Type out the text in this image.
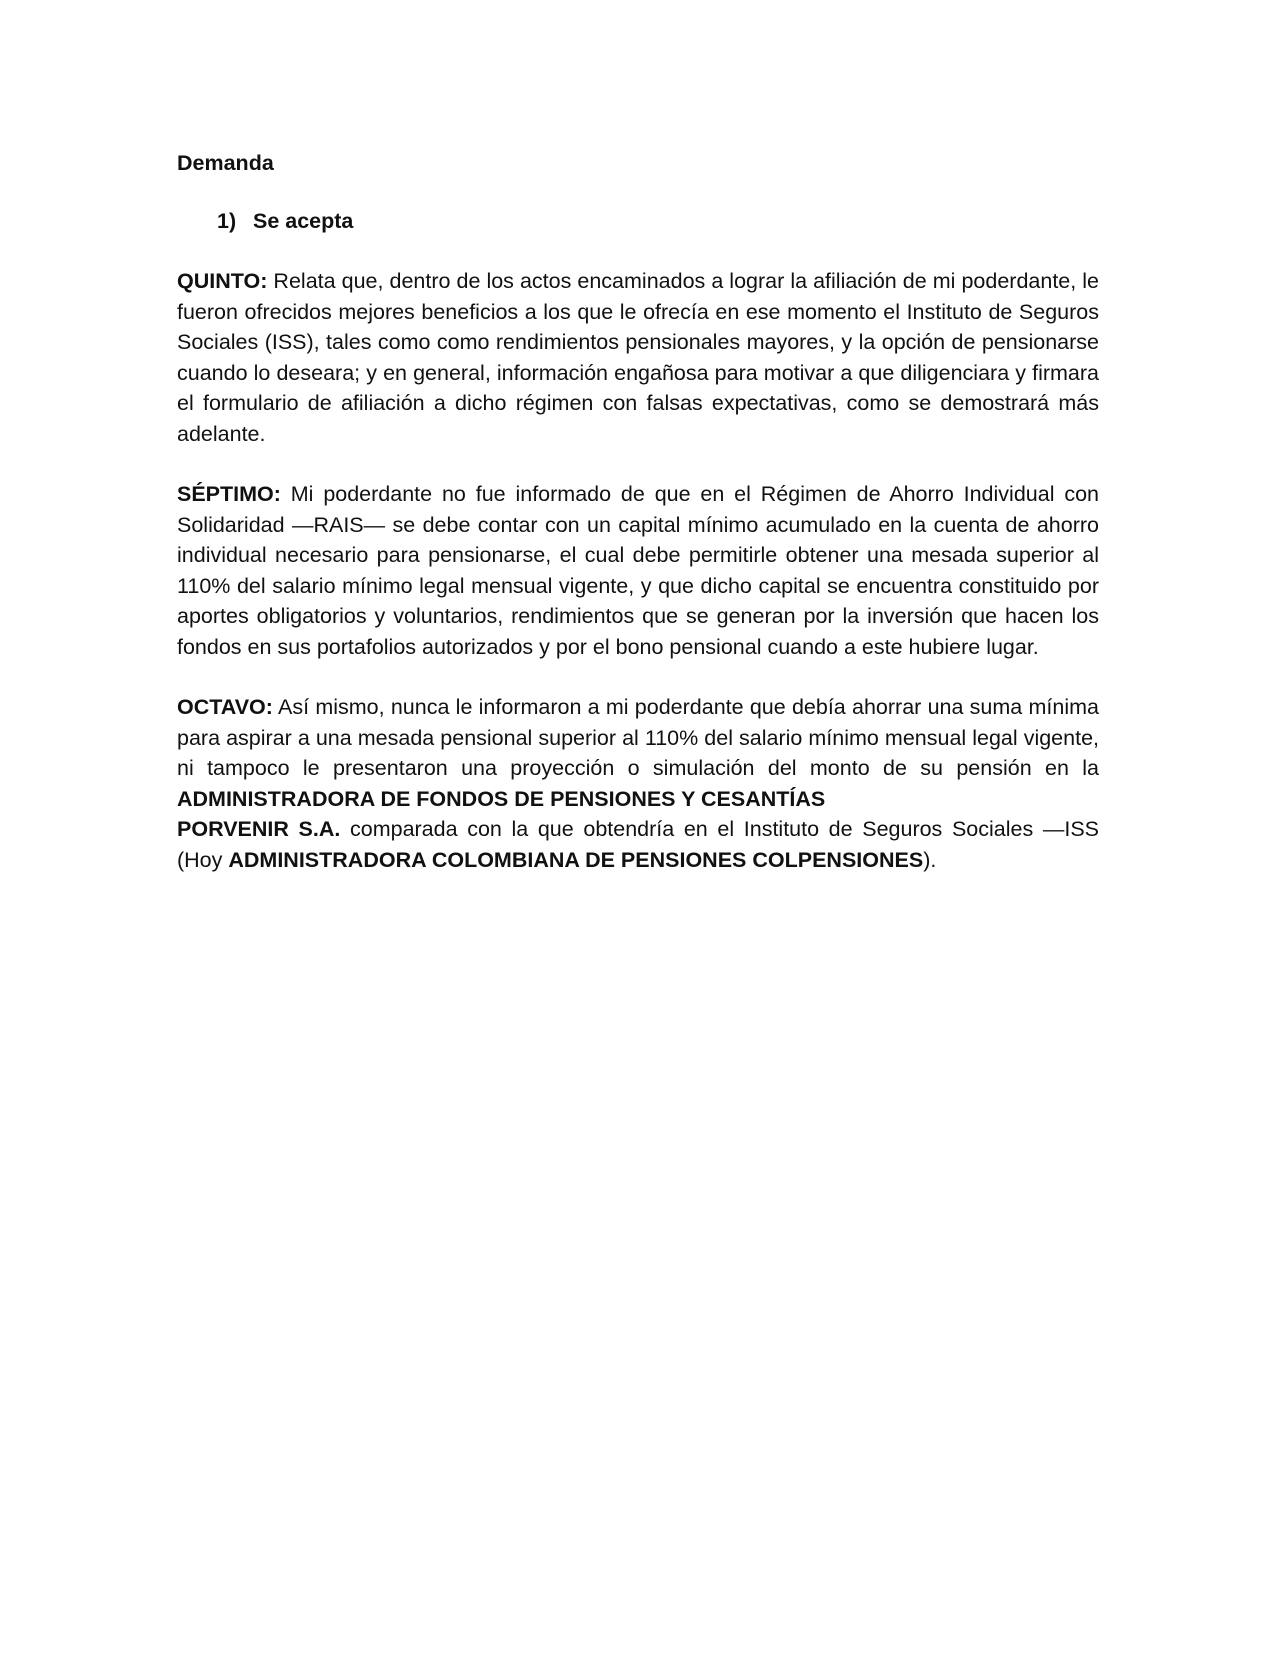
Demanda

1) Se acepta

QUINTO: Relata que, dentro de los actos encaminados a lograr la afiliación de mi poderdante, le fueron ofrecidos mejores beneficios a los que le ofrecía en ese momento el Instituto de Seguros Sociales (ISS), tales como como rendimientos pensionales mayores, y la opción de pensionarse cuando lo deseara; y en general, información engañosa para motivar a que diligenciara y firmara el formulario de afiliación a dicho régimen con falsas expectativas, como se demostrará más adelante.

SÉPTIMO: Mi poderdante no fue informado de que en el Régimen de Ahorro Individual con Solidaridad —RAIS— se debe contar con un capital mínimo acumulado en la cuenta de ahorro individual necesario para pensionarse, el cual debe permitirle obtener una mesada superior al 110% del salario mínimo legal mensual vigente, y que dicho capital se encuentra constituido por aportes obligatorios y voluntarios, rendimientos que se generan por la inversión que hacen los fondos en sus portafolios autorizados y por el bono pensional cuando a este hubiere lugar.

OCTAVO: Así mismo, nunca le informaron a mi poderdante que debía ahorrar una suma mínima para aspirar a una mesada pensional superior al 110% del salario mínimo mensual legal vigente, ni tampoco le presentaron una proyección o simulación del monto de su pensión en la ADMINISTRADORA DE FONDOS DE PENSIONES Y CESANTÍAS
PORVENIR S.A. comparada con la que obtendría en el Instituto de Seguros Sociales —ISS (Hoy ADMINISTRADORA COLOMBIANA DE PENSIONES COLPENSIONES).
